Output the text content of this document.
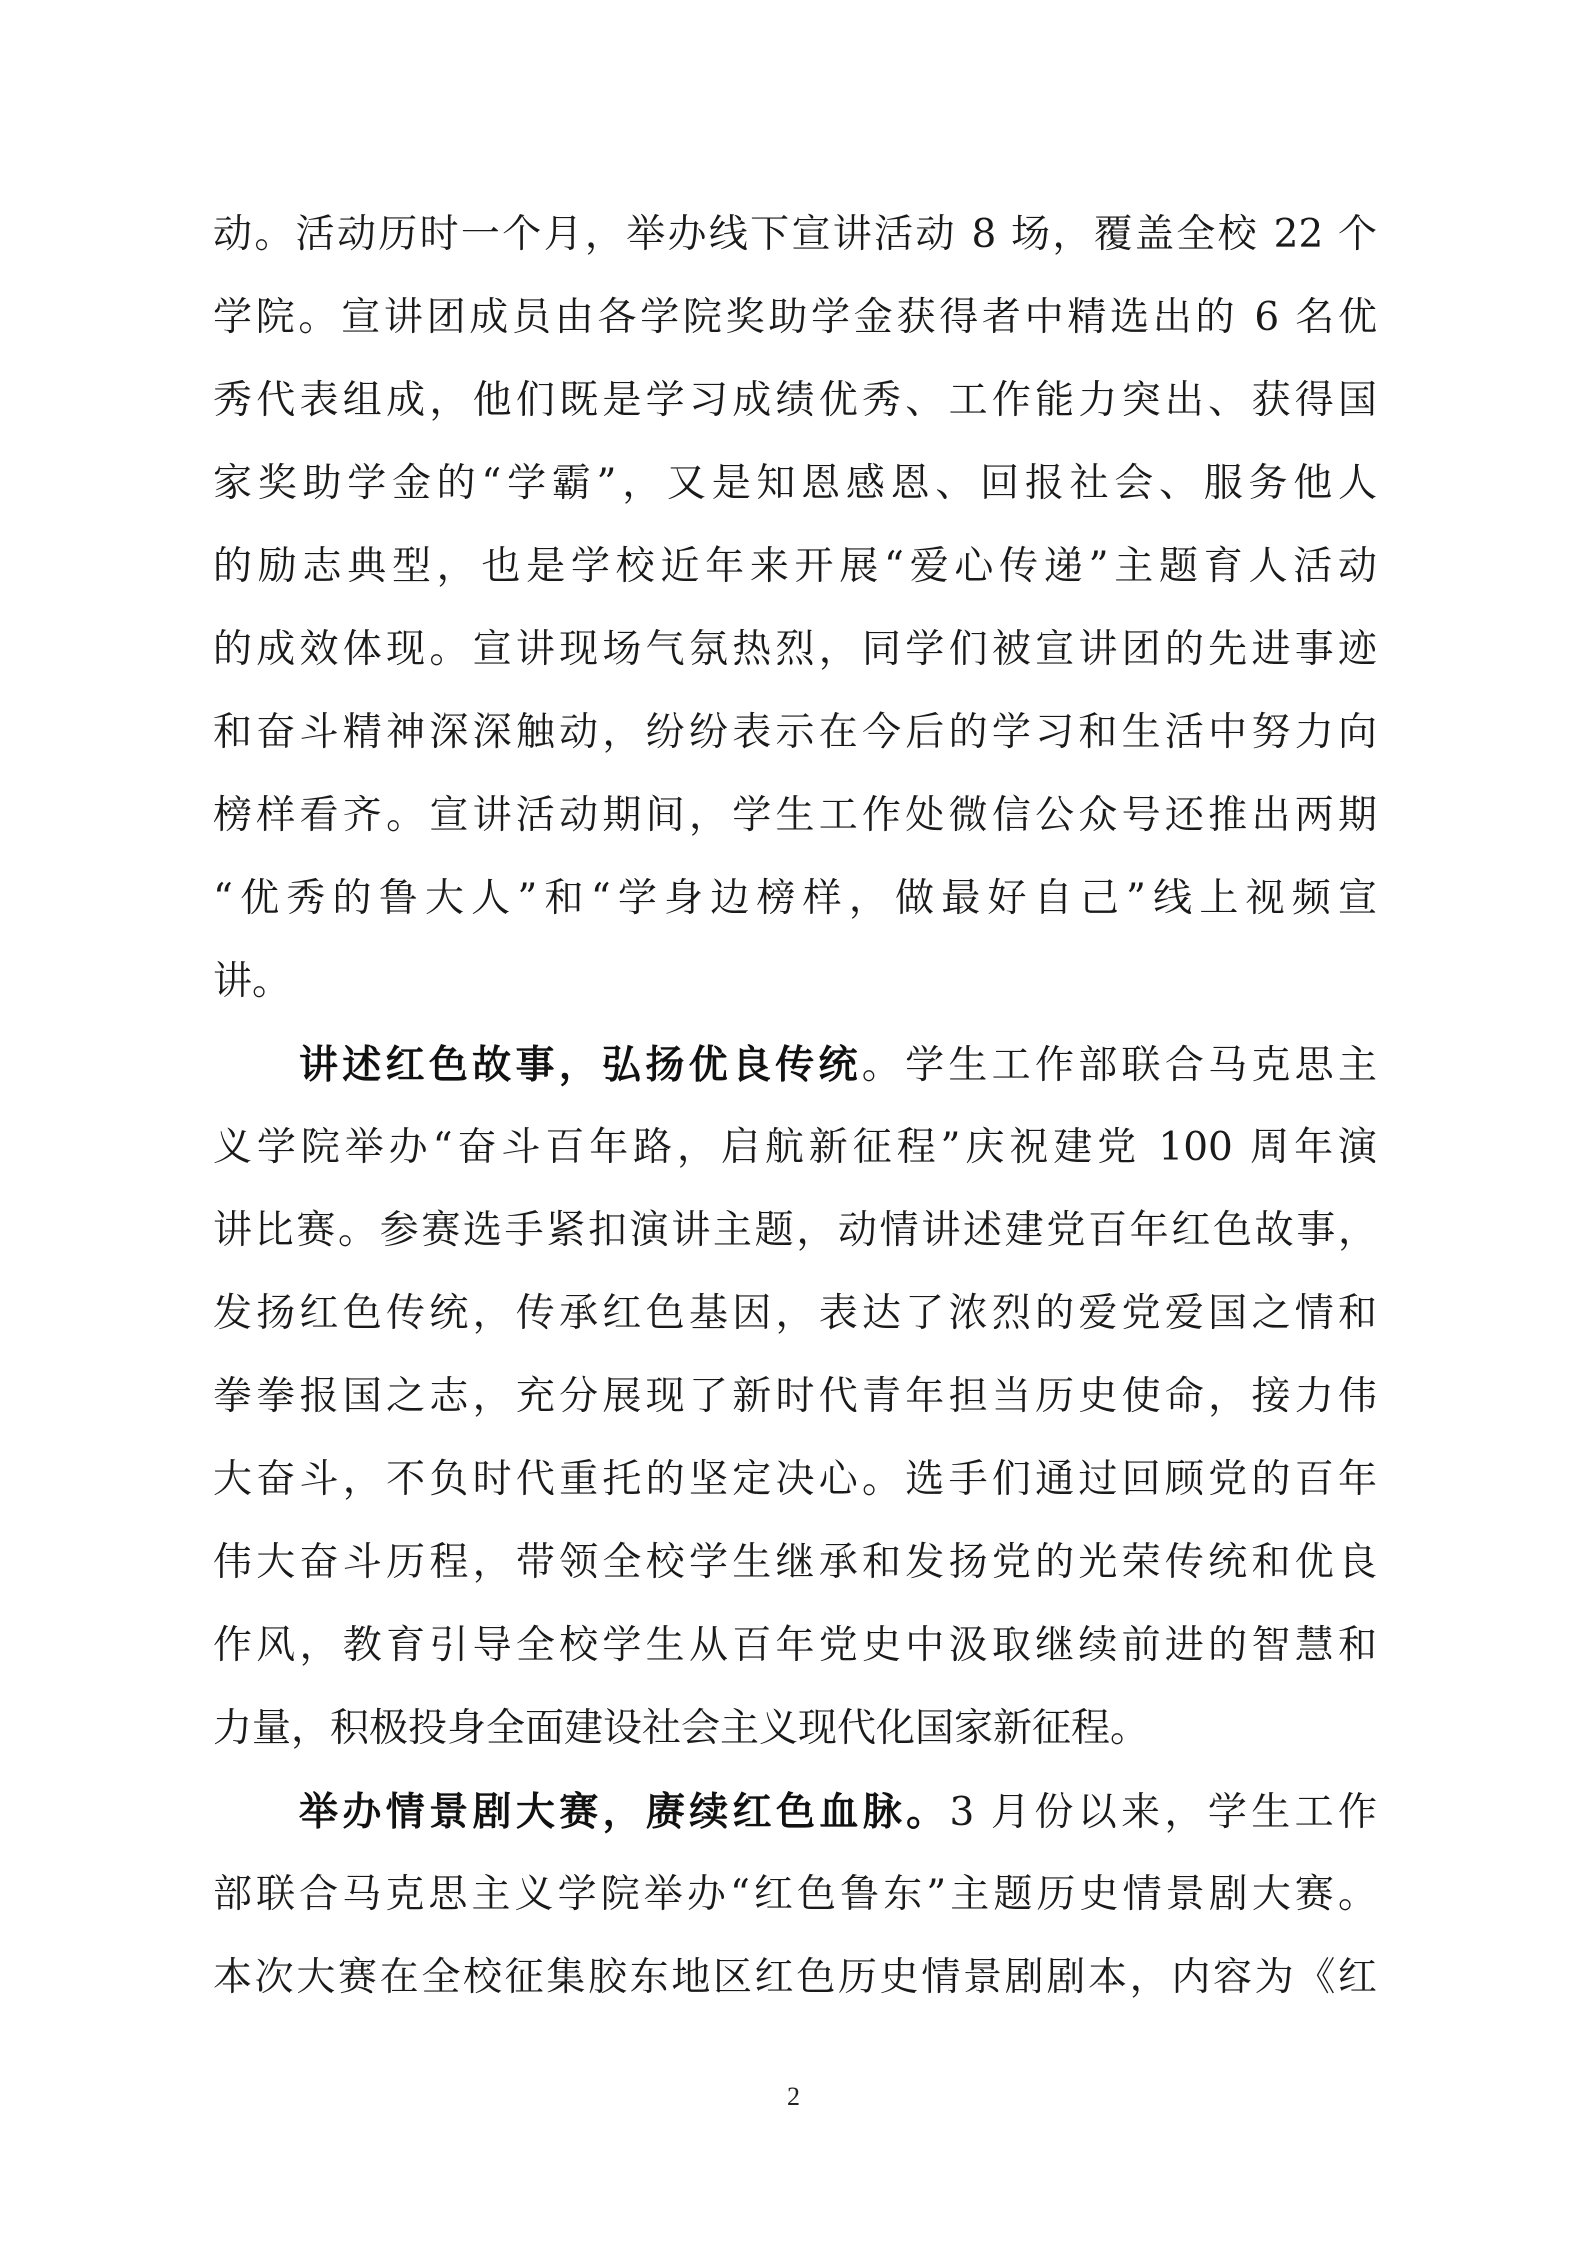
动。活动历时一个月，举办线下宣讲活动 8 场，覆盖全校 22 个
学院。宣讲团成员由各学院奖助学金获得者中精选出的 6 名优
秀代表组成，他们既是学习成绩优秀、工作能力突出、获得国
家奖助学金的“学霸”，又是知恩感恩、回报社会、服务他人
的励志典型，也是学校近年来开展“爱心传递”主题育人活动
的成效体现。宣讲现场气氛热烈，同学们被宣讲团的先进事迹
和奋斗精神深深触动，纷纷表示在今后的学习和生活中努力向
榜样看齐。宣讲活动期间，学生工作处微信公众号还推出两期
“优秀的鲁大人”和“学身边榜样，做最好自己”线上视频宣
讲。
讲述红色故事，弘扬优良传统。学生工作部联合马克思主
义学院举办“奋斗百年路，启航新征程”庆祝建党 100 周年演
讲比赛。参赛选手紧扣演讲主题，动情讲述建党百年红色故事，
发扬红色传统，传承红色基因，表达了浓烈的爱党爱国之情和
拳拳报国之志，充分展现了新时代青年担当历史使命，接力伟
大奋斗，不负时代重托的坚定决心。选手们通过回顾党的百年
伟大奋斗历程，带领全校学生继承和发扬党的光荣传统和优良
作风，教育引导全校学生从百年党史中汲取继续前进的智慧和
力量，积极投身全面建设社会主义现代化国家新征程。
举办情景剧大赛，赓续红色血脉。3 月份以来，学生工作
部联合马克思主义学院举办“红色鲁东”主题历史情景剧大赛。
本次大赛在全校征集胶东地区红色历史情景剧剧本，内容为《红
2
